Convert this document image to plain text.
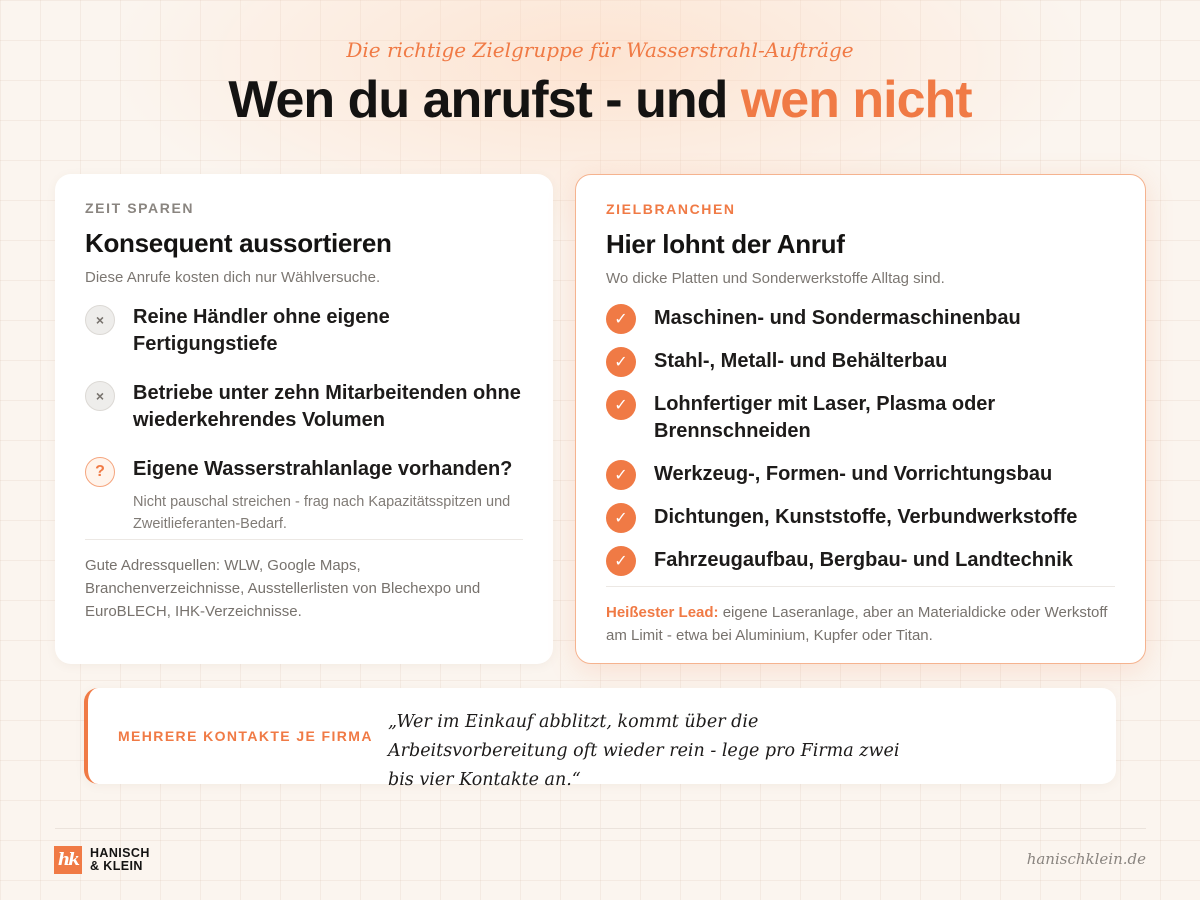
Die richtige Zielgruppe für Wasserstrahl-Aufträge
Wen du anrufst - und wen nicht
ZEIT SPAREN
Konsequent aussortieren
Diese Anrufe kosten dich nur Wählversuche.
×	Reine Händler ohne eigene Fertigungstiefe
×	Betriebe unter zehn Mitarbeitenden ohne wiederkehrendes Volumen
?	Eigene Wasserstrahlanlage vorhanden?
Nicht pauschal streichen - frag nach Kapazitätsspitzen und Zweitlieferanten-Bedarf.
Gute Adressquellen: WLW, Google Maps, Branchenverzeichnisse, Ausstellerlisten von Blechexpo und EuroBLECH, IHK-Verzeichnisse.
ZIELBRANCHEN
Hier lohnt der Anruf
Wo dicke Platten und Sonderwerkstoffe Alltag sind.
✓	Maschinen- und Sondermaschinenbau
✓	Stahl-, Metall- und Behälterbau
✓	Lohnfertiger mit Laser, Plasma oder Brennschneiden
✓	Werkzeug-, Formen- und Vorrichtungsbau
✓	Dichtungen, Kunststoffe, Verbundwerkstoffe
✓	Fahrzeugaufbau, Bergbau- und Landtechnik
Heißester Lead: eigene Laseranlage, aber an Materialdicke oder Werkstoff am Limit - etwa bei Aluminium, Kupfer oder Titan.
MEHRERE KONTAKTE JE FIRMA
„Wer im Einkauf abblitzt, kommt über die Arbeitsvorbereitung oft wieder rein - lege pro Firma zwei bis vier Kontakte an.“
hk HANISCH
& KLEIN	hanischklein.de
